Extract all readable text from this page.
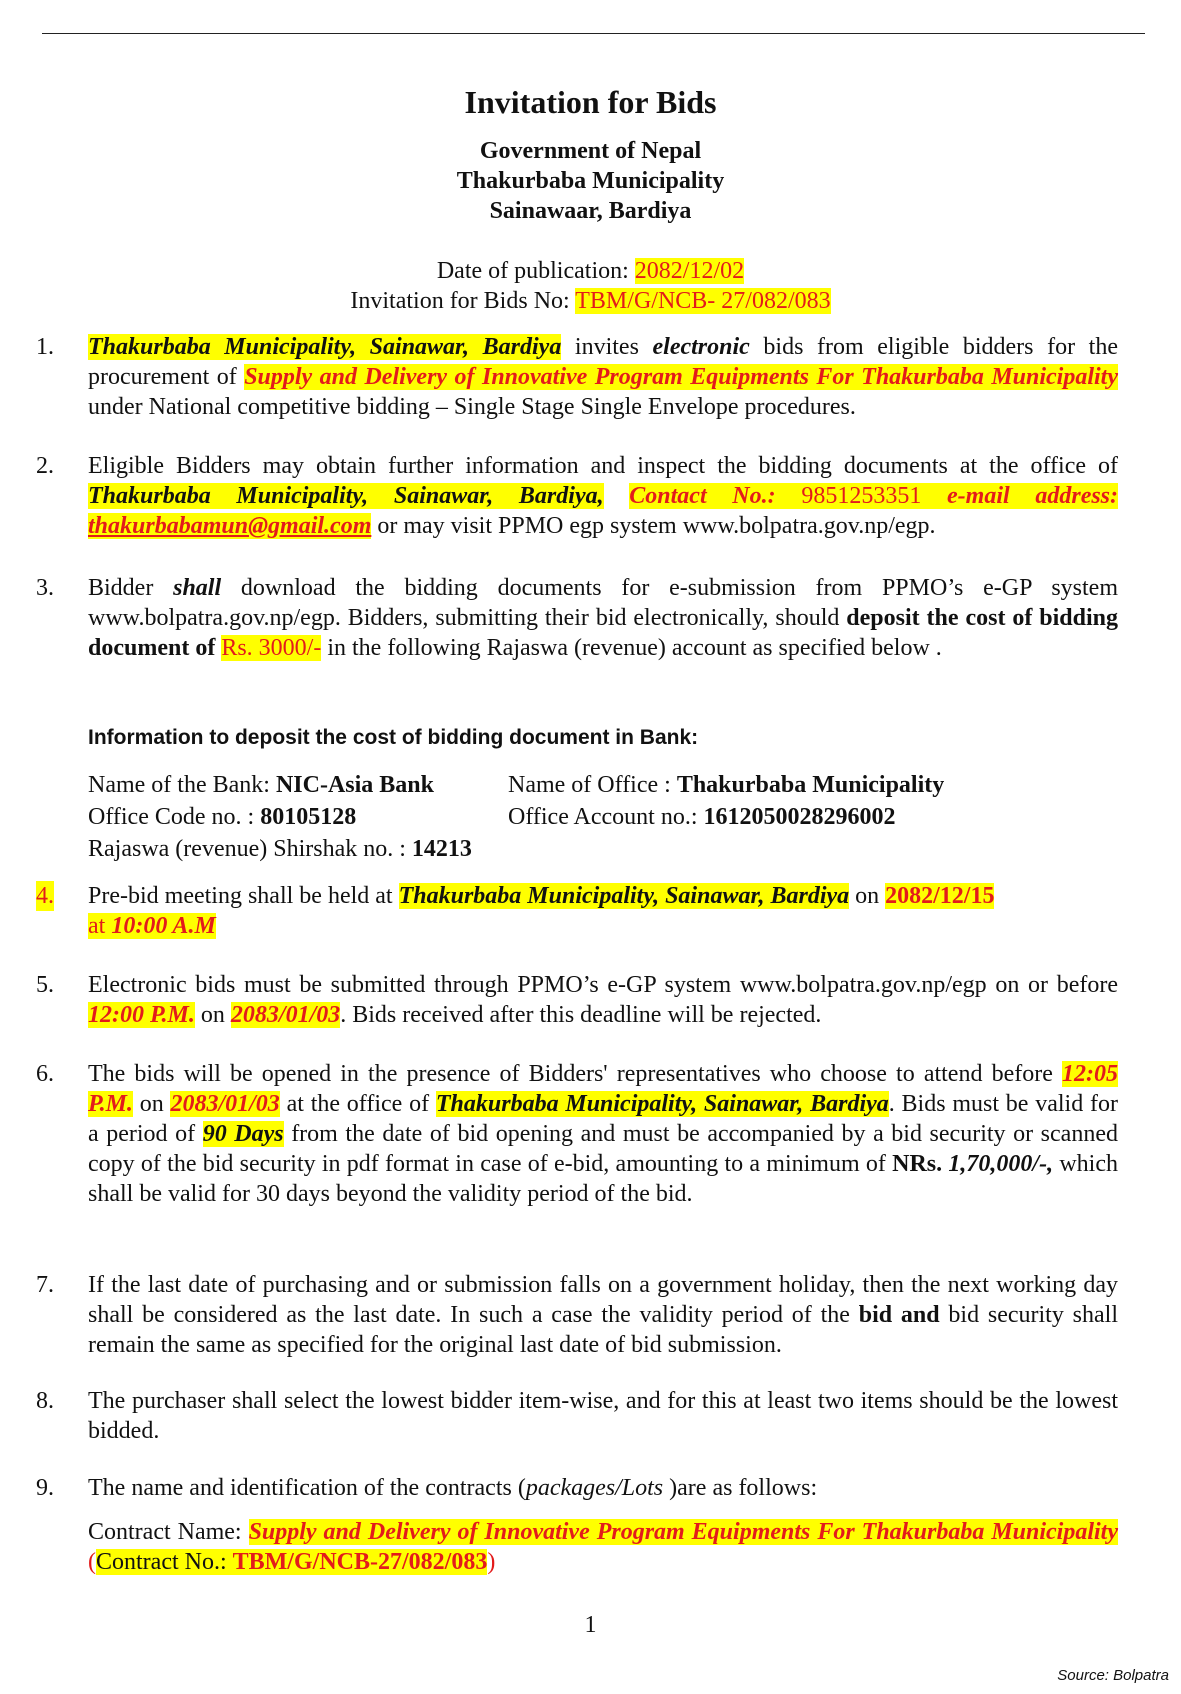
Invitation for Bids
Government of Nepal
Thakurbaba Municipality
Sainawaar, Bardiya
Date of publication: 2082/12/02
Invitation for Bids No: TBM/G/NCB- 27/082/083
1.	Thakurbaba Municipality, Sainawar, Bardiya invites electronic bids from eligible bidders for the procurement of Supply and Delivery of Innovative Program Equipments For Thakurbaba Municipality under National competitive bidding – Single Stage Single Envelope procedures.
2.	Eligible Bidders may obtain further information and inspect the bidding documents at the office of Thakurbaba Municipality, Sainawar, Bardiya, Contact No.: 9851253351 e-mail address: thakurbabamun@gmail.com or may visit PPMO egp system www.bolpatra.gov.np/egp.
3.	Bidder shall download the bidding documents for e-submission from PPMO’s e-GP system www.bolpatra.gov.np/egp. Bidders, submitting their bid electronically, should deposit the cost of bidding document of Rs. 3000/- in the following Rajaswa (revenue) account as specified below .
Information to deposit the cost of bidding document in Bank:
Name of the Bank: NIC-Asia Bank	Name of Office : Thakurbaba Municipality
Office Code no. : 80105128	Office Account no.: 1612050028296002
Rajaswa (revenue) Shirshak no. : 14213
4. Pre-bid meeting shall be held at Thakurbaba Municipality, Sainawar, Bardiya on 2082/12/15
at 10:00 A.M
5.	Electronic bids must be submitted through PPMO’s e-GP system www.bolpatra.gov.np/egp on or before 12:00 P.M. on 2083/01/03. Bids received after this deadline will be rejected.
6.	The bids will be opened in the presence of Bidders' representatives who choose to attend before 12:05 P.M. on 2083/01/03 at the office of Thakurbaba Municipality, Sainawar, Bardiya. Bids must be valid for a period of 90 Days from the date of bid opening and must be accompanied by a bid security or scanned copy of the bid security in pdf format in case of e-bid, amounting to a minimum of NRs. 1,70,000/-, which shall be valid for 30 days beyond the validity period of the bid.
7.	If the last date of purchasing and or submission falls on a government holiday, then the next working day shall be considered as the last date. In such a case the validity period of the bid and bid security shall remain the same as specified for the original last date of bid submission.
8.	The purchaser shall select the lowest bidder item-wise, and for this at least two items should be the lowest bidded.
9.	The name and identification of the contracts (packages/Lots )are as follows:
Contract Name: Supply and Delivery of Innovative Program Equipments For Thakurbaba Municipality (Contract No.: TBM/G/NCB-27/082/083)
1
Source: Bolpatra
